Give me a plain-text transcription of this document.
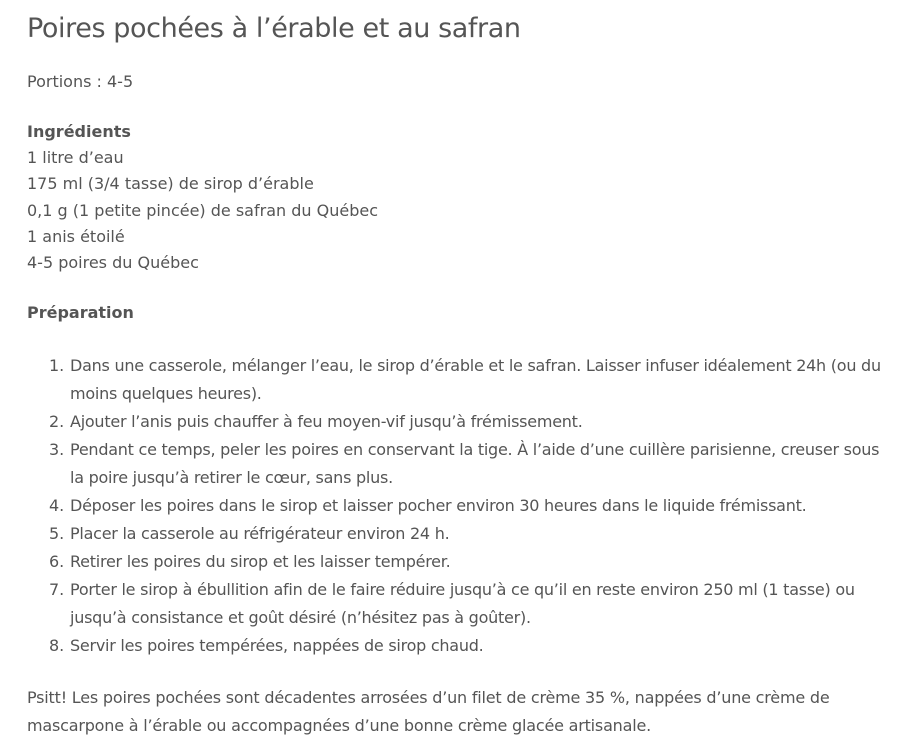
Poires pochées à l’érable et au safran
Portions : 4-5
Ingrédients
1 litre d’eau
175 ml (3/4 tasse) de sirop d’érable
0,1 g (1 petite pincée) de safran du Québec
1 anis étoilé
4-5 poires du Québec
Préparation
1. Dans une casserole, mélanger l’eau, le sirop d’érable et le safran. Laisser infuser idéalement 24h (ou du moins quelques heures).
2. Ajouter l’anis puis chauffer à feu moyen-vif jusqu’à frémissement.
3. Pendant ce temps, peler les poires en conservant la tige. À l’aide d’une cuillère parisienne, creuser sous la poire jusqu’à retirer le cœur, sans plus.
4. Déposer les poires dans le sirop et laisser pocher environ 30 heures dans le liquide frémissant.
5. Placer la casserole au réfrigérateur environ 24 h.
6. Retirer les poires du sirop et les laisser tempérer.
7. Porter le sirop à ébullition afin de le faire réduire jusqu’à ce qu’il en reste environ 250 ml (1 tasse) ou jusqu’à consistance et goût désiré (n’hésitez pas à goûter).
8. Servir les poires tempérées, nappées de sirop chaud.

Psitt! Les poires pochées sont décadentes arrosées d’un filet de crème 35 %, nappées d’une crème de mascarpone à l’érable ou accompagnées d’une bonne crème glacée artisanale.
